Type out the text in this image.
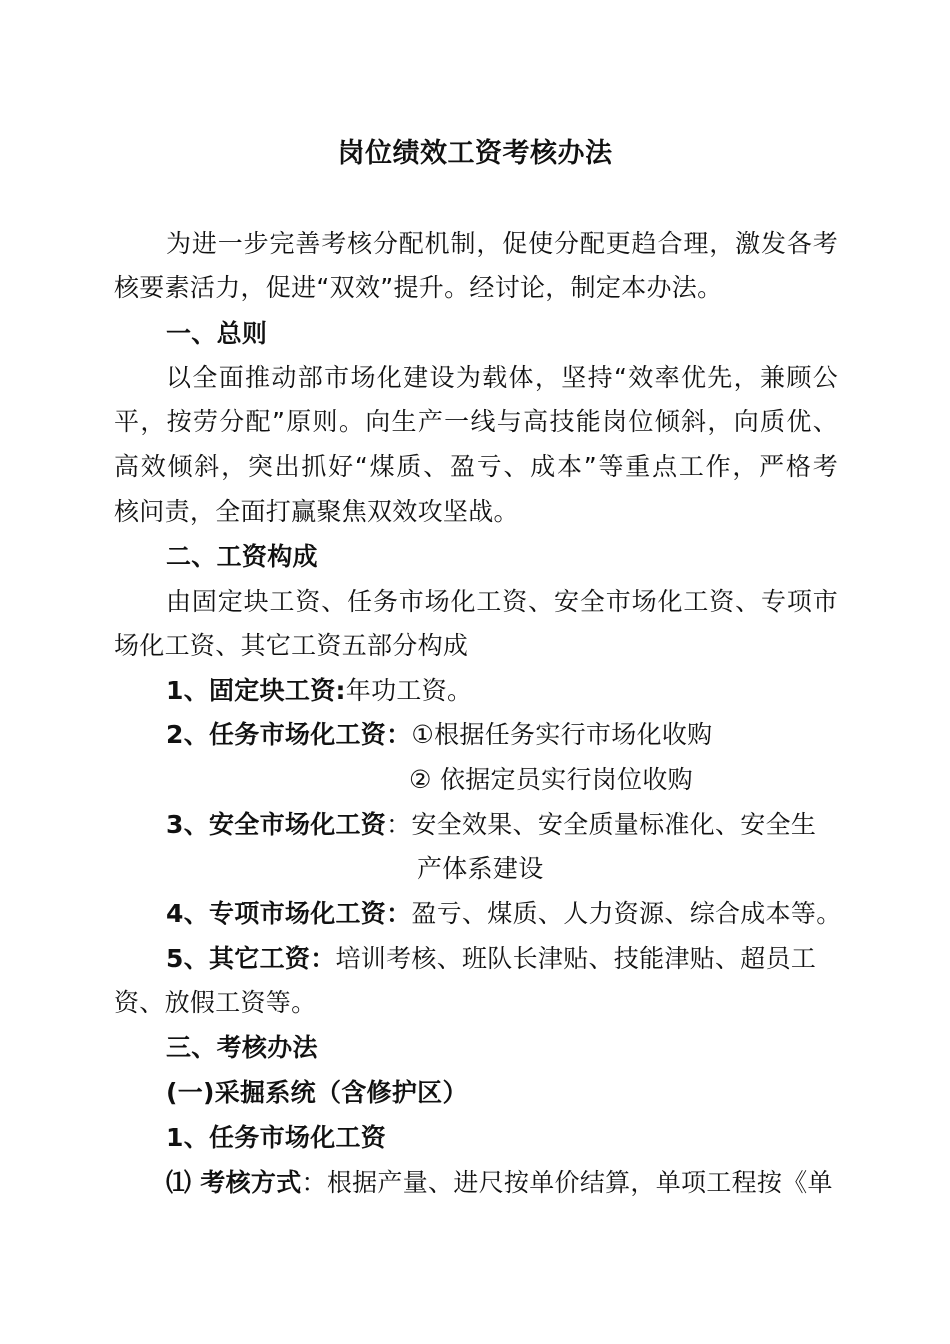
岗位绩效工资考核办法
为进一步完善考核分配机制，促使分配更趋合理，激发各考
核要素活力，促进“双效”提升。经讨论，制定本办法。
一、总则
以全面推动部市场化建设为载体，坚持“效率优先，兼顾公
平，按劳分配”原则。向生产一线与高技能岗位倾斜，向质优、
高效倾斜，突出抓好“煤质、盈亏、成本”等重点工作，严格考
核问责，全面打赢聚焦双效攻坚战。
二、工资构成
由固定块工资、任务市场化工资、安全市场化工资、专项市
场化工资、其它工资五部分构成
1、固定块工资:年功工资。
2、任务市场化工资：①根据任务实行市场化收购
② 依据定员实行岗位收购
3、安全市场化工资：安全效果、安全质量标准化、安全生
产体系建设
4、专项市场化工资：盈亏、煤质、人力资源、综合成本等。
5、其它工资：培训考核、班队长津贴、技能津贴、超员工
资、放假工资等。
三、考核办法
(一)采掘系统（含修护区）
1、任务市场化工资
⑴ 考核方式：根据产量、进尺按单价结算，单项工程按《单
